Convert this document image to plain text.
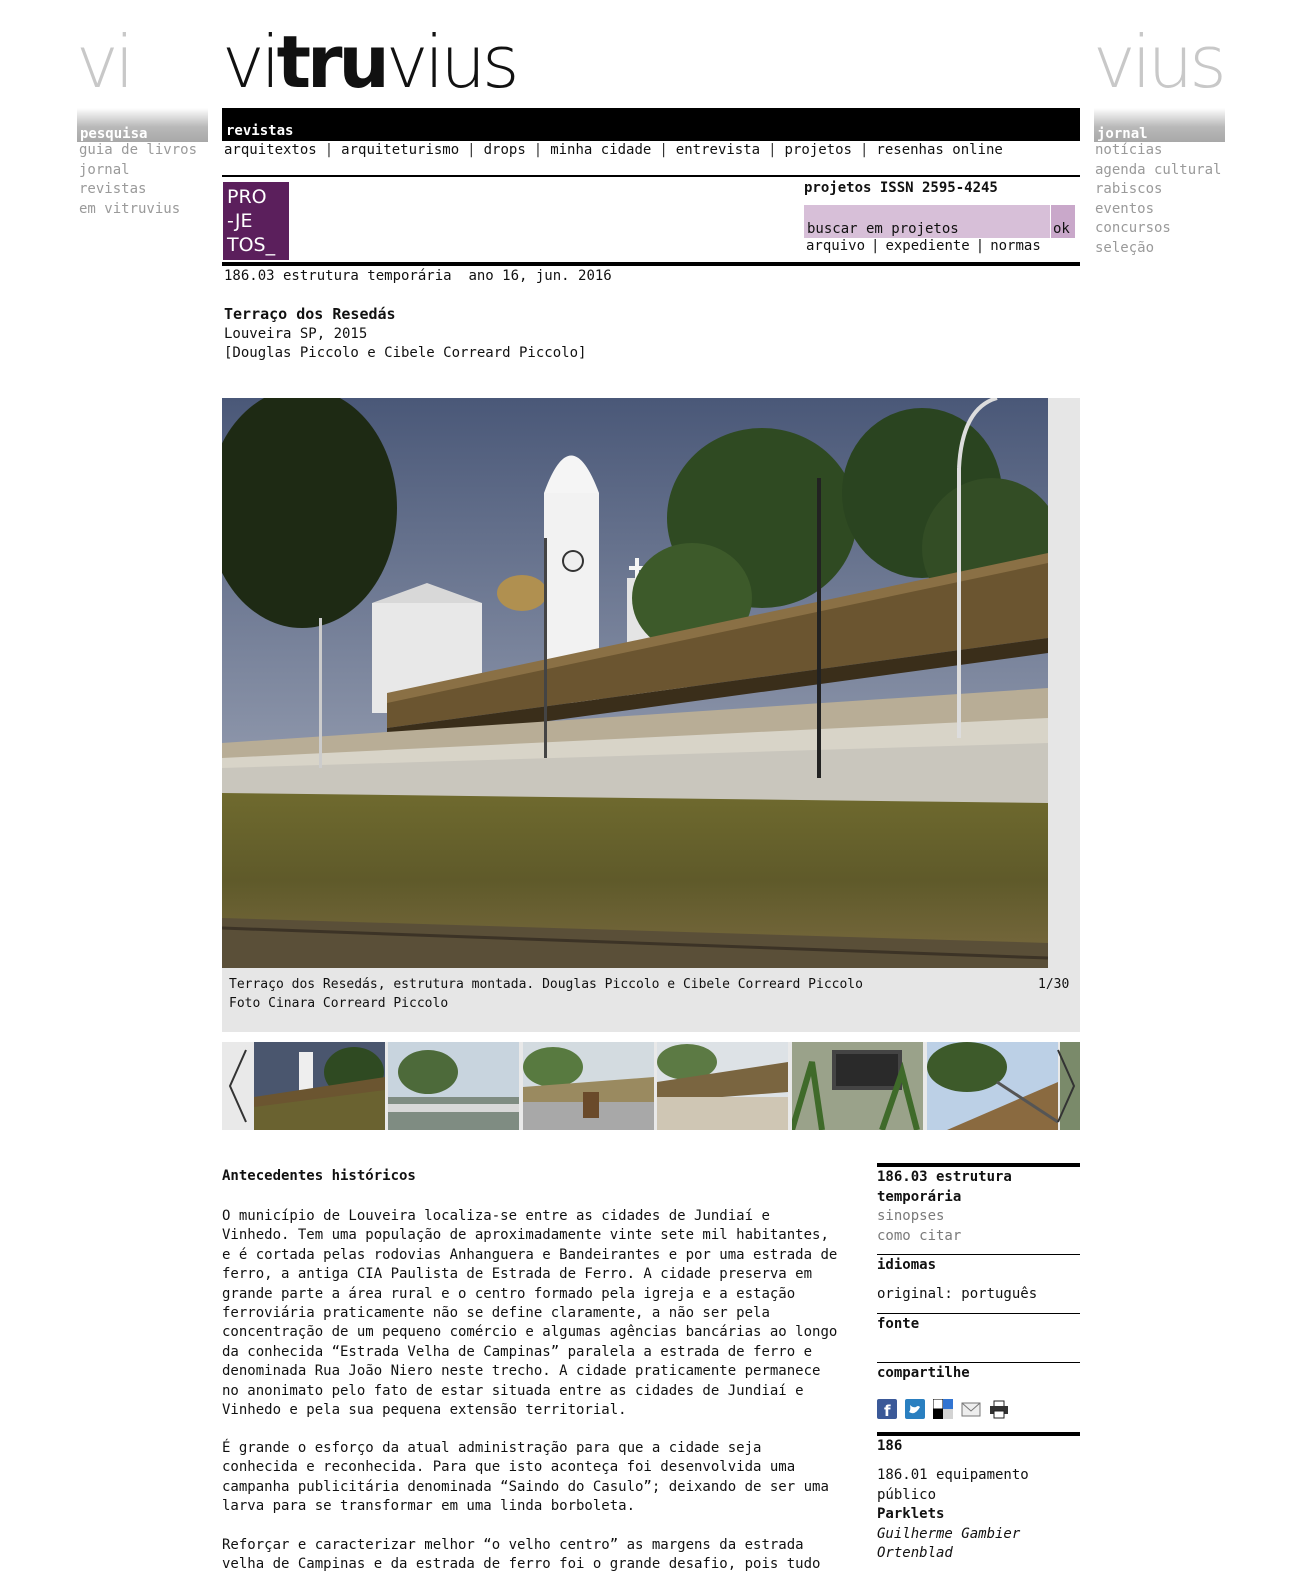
vi vitruvius	vius
pesquisa
guia de livros
jornal
revistas
em vitruvius
jornal
notícias
agenda cultural
rabiscos
eventos
concursos
seleção
revistas
arquitextos | arquiteturismo | drops | minha cidade | entrevista | projetos | resenhas online
PRO
-JE
TOS_
projetos ISSN 2595-4245
buscar em projetos	ok
arquivo | expediente | normas
186.03 estrutura temporária ano 16, jun. 2016
Terraço dos Resedás
Louveira SP, 2015
[Douglas Piccolo e Cibele Correard Piccolo]
Terraço dos Resedás, estrutura montada. Douglas Piccolo e Cibele Correard Piccolo
Foto Cinara Correard Piccolo
1/30
Antecedentes históricos
O município de Louveira localiza-se entre as cidades de Jundiaí e
Vinhedo. Tem uma população de aproximadamente vinte sete mil habitantes,
e é cortada pelas rodovias Anhanguera e Bandeirantes e por uma estrada de
ferro, a antiga CIA Paulista de Estrada de Ferro. A cidade preserva em
grande parte a área rural e o centro formado pela igreja e a estação
ferroviária praticamente não se define claramente, a não ser pela
concentração de um pequeno comércio e algumas agências bancárias ao longo
da conhecida “Estrada Velha de Campinas” paralela a estrada de ferro e
denominada Rua João Niero neste trecho. A cidade praticamente permanece
no anonimato pelo fato de estar situada entre as cidades de Jundiaí e
Vinhedo e pela sua pequena extensão territorial.
É grande o esforço da atual administração para que a cidade seja
conhecida e reconhecida. Para que isto aconteça foi desenvolvida uma
campanha publicitária denominada “Saindo do Casulo”; deixando de ser uma
larva para se transformar em uma linda borboleta.
Reforçar e caracterizar melhor “o velho centro” as margens da estrada
velha de Campinas e da estrada de ferro foi o grande desafio, pois tudo
186.03 estrutura
temporária
sinopses
como citar
idiomas
original: português
fonte
compartilhe
f
186
186.01 equipamento
público
Parklets
Guilherme Gambier
Ortenblad
